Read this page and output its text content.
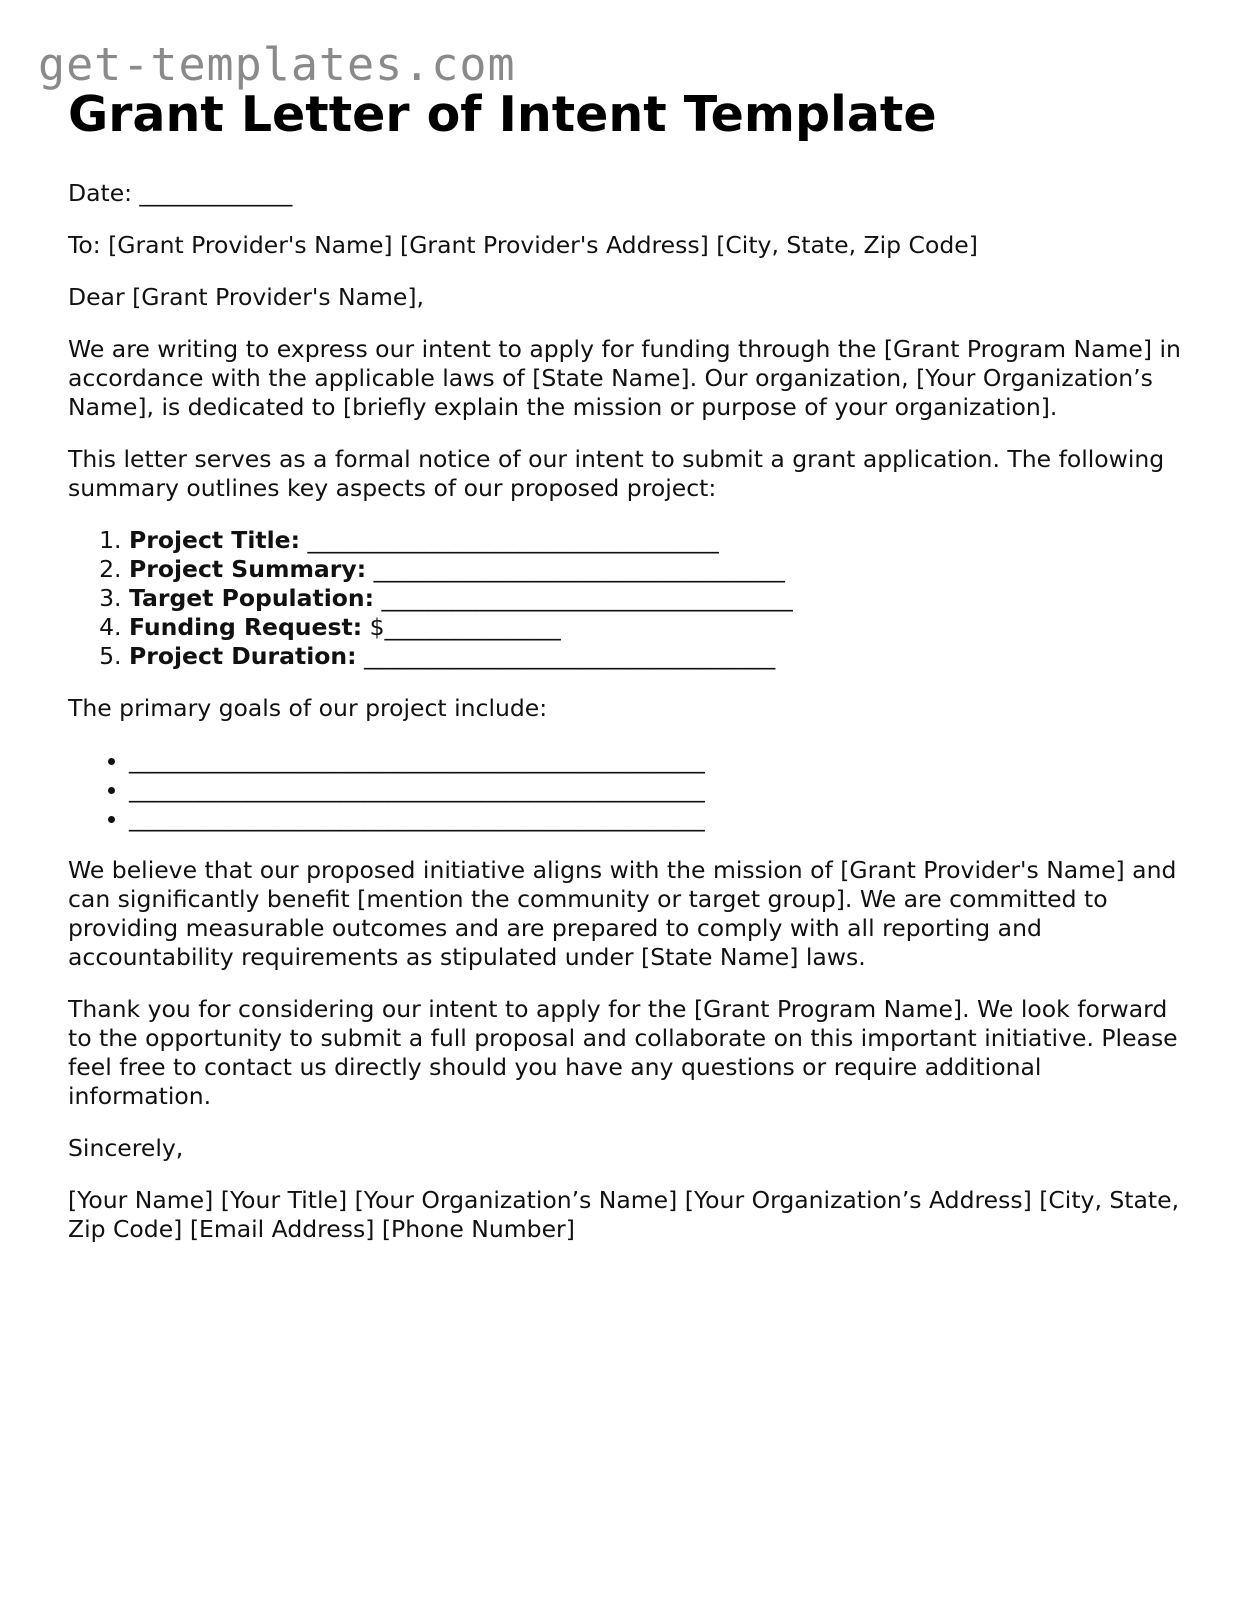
get-templates.com
Grant Letter of Intent Template

Date: _____________

To: [Grant Provider's Name] [Grant Provider's Address] [City, State, Zip Code]

Dear [Grant Provider's Name],

We are writing to express our intent to apply for funding through the [Grant Program Name] in accordance with the applicable laws of [State Name]. Our organization, [Your Organization’s Name], is dedicated to [briefly explain the mission or purpose of your organization].

This letter serves as a formal notice of our intent to submit a grant application. The following summary outlines key aspects of our proposed project:

1. Project Title: ___________________________________
2. Project Summary: ___________________________________
3. Target Population: ___________________________________
4. Funding Request: $_______________
5. Project Duration: ___________________________________

The primary goals of our project include:

• _________________________________________________
• _________________________________________________
• _________________________________________________

We believe that our proposed initiative aligns with the mission of [Grant Provider's Name] and can significantly benefit [mention the community or target group]. We are committed to providing measurable outcomes and are prepared to comply with all reporting and accountability requirements as stipulated under [State Name] laws.

Thank you for considering our intent to apply for the [Grant Program Name]. We look forward to the opportunity to submit a full proposal and collaborate on this important initiative. Please feel free to contact us directly should you have any questions or require additional information.

Sincerely,

[Your Name] [Your Title] [Your Organization’s Name] [Your Organization’s Address] [City, State, Zip Code] [Email Address] [Phone Number]
